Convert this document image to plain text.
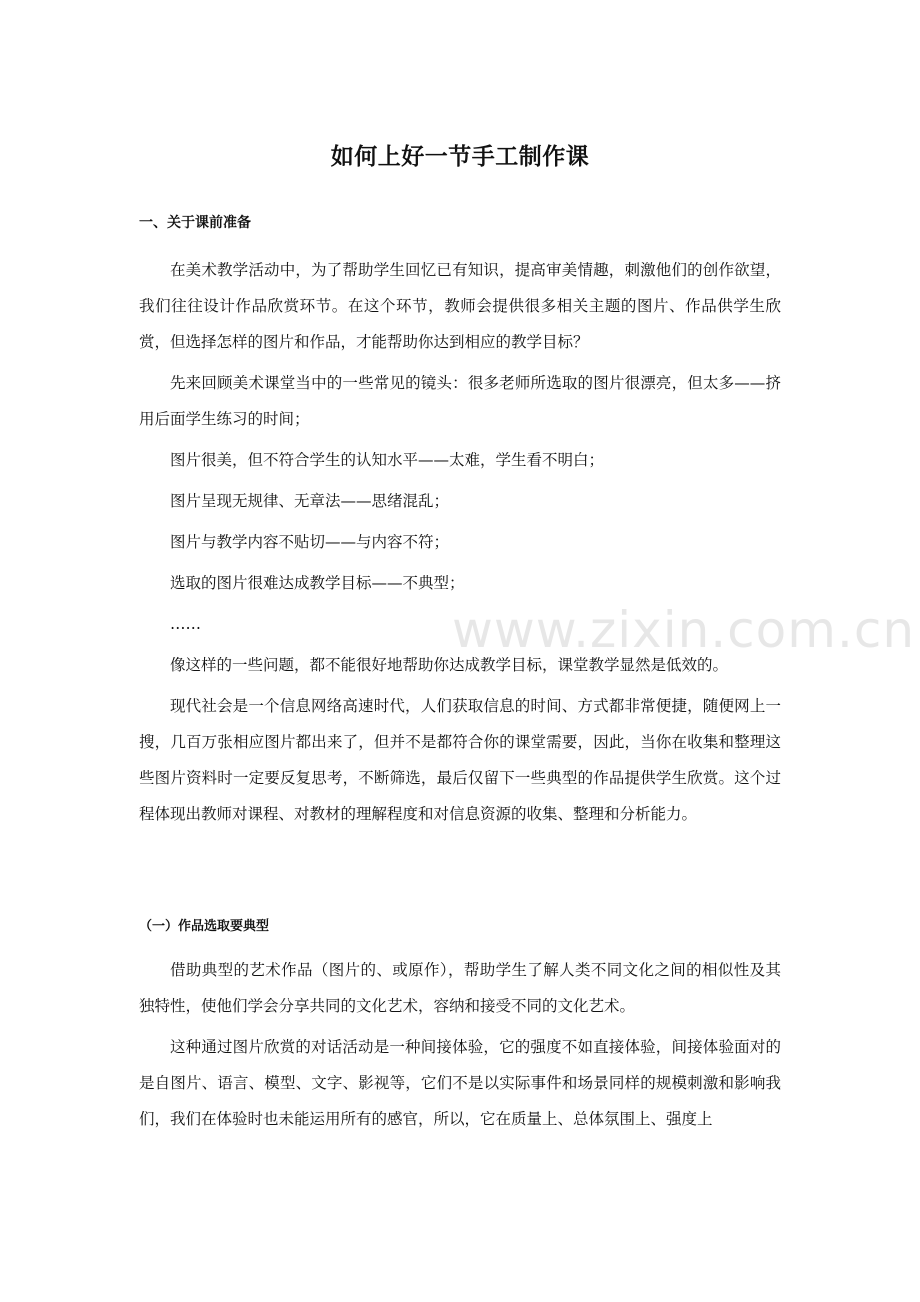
如何上好一节手工制作课
一、关于课前准备

在美术教学活动中，为了帮助学生回忆已有知识，提高审美情趣，刺激他们的创作欲望，我们往往设计作品欣赏环节。在这个环节，教师会提供很多相关主题的图片、作品供学生欣赏，但选择怎样的图片和作品，才能帮助你达到相应的教学目标？

先来回顾美术课堂当中的一些常见的镜头：很多老师所选取的图片很漂亮，但太多——挤用后面学生练习的时间；

图片很美，但不符合学生的认知水平——太难，学生看不明白；

图片呈现无规律、无章法——思绪混乱；

图片与教学内容不贴切——与内容不符；

选取的图片很难达成教学目标——不典型；

……

像这样的一些问题，都不能很好地帮助你达成教学目标，课堂教学显然是低效的。

现代社会是一个信息网络高速时代，人们获取信息的时间、方式都非常便捷，随便网上一搜，几百万张相应图片都出来了，但并不是都符合你的课堂需要，因此，当你在收集和整理这些图片资料时一定要反复思考，不断筛选，最后仅留下一些典型的作品提供学生欣赏。这个过程体现出教师对课程、对教材的理解程度和对信息资源的收集、整理和分析能力。

（一）作品选取要典型

借助典型的艺术作品（图片的、或原作），帮助学生了解人类不同文化之间的相似性及其独特性，使他们学会分享共同的文化艺术，容纳和接受不同的文化艺术。

这种通过图片欣赏的对话活动是一种间接体验，它的强度不如直接体验，间接体验面对的是自图片、语言、模型、文字、影视等，它们不是以实际事件和场景同样的规模刺激和影响我们，我们在体验时也未能运用所有的感官，所以，它在质量上、总体氛围上、强度上

www.zixin.com.cn
